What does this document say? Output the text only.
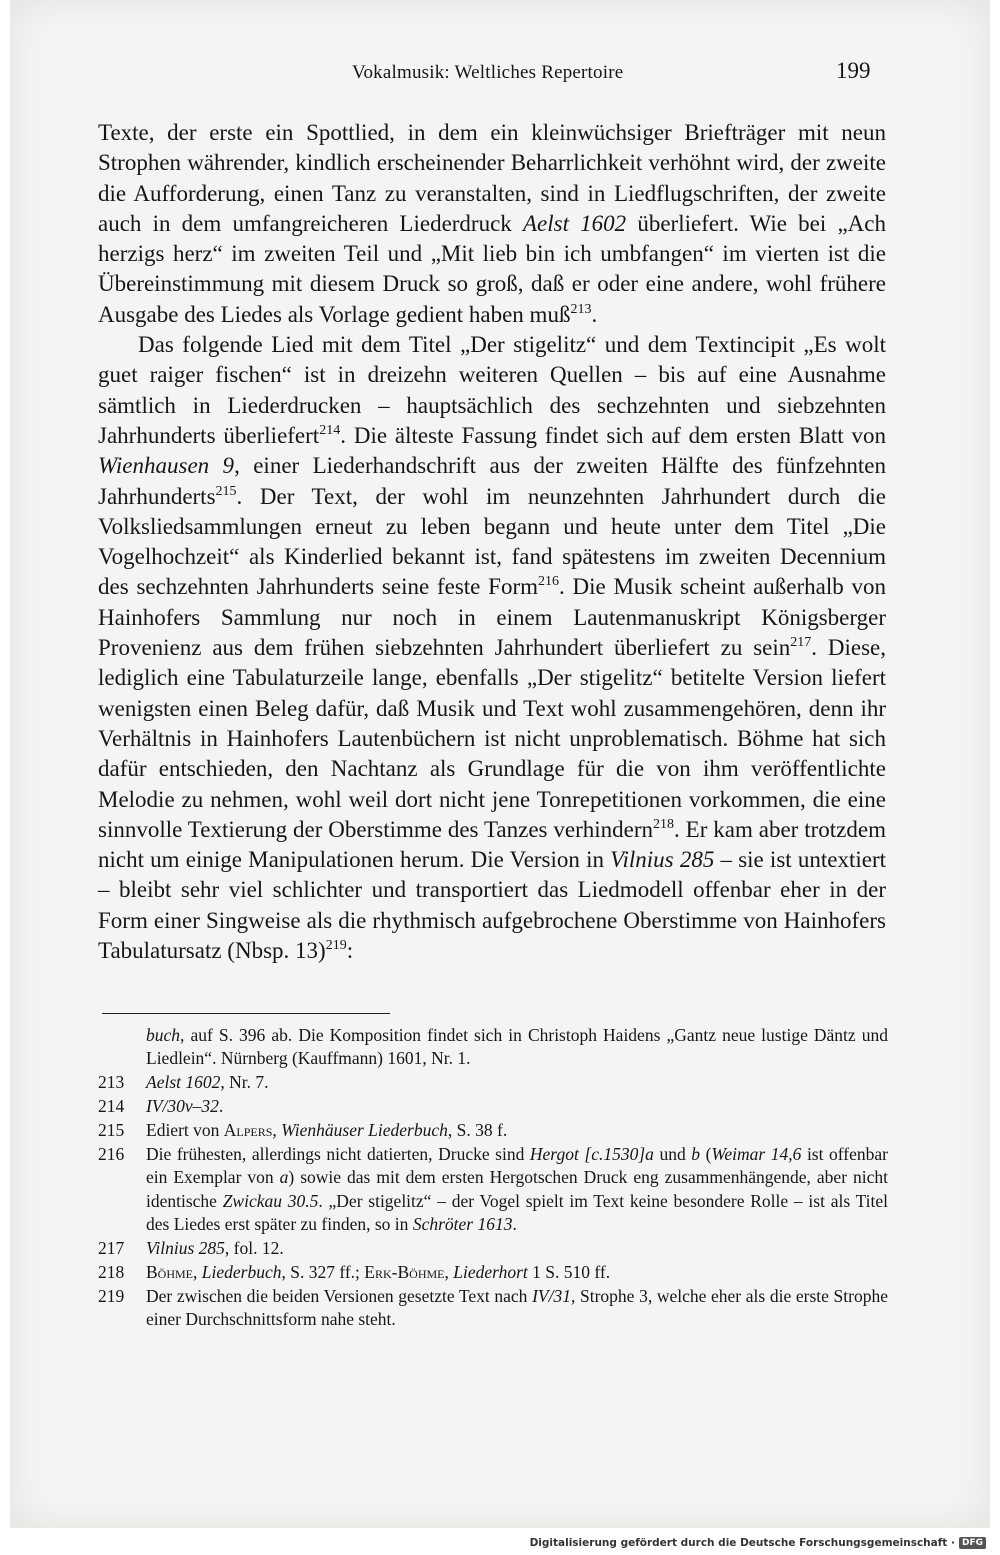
Vokalmusik: Weltliches Repertoire	199

Texte, der erste ein Spottlied, in dem ein kleinwüchsiger Briefträger mit neun Strophen währender, kindlich erscheinender Beharrlichkeit verhöhnt wird, der zweite die Aufforderung, einen Tanz zu veranstalten, sind in Liedflugschriften, der zweite auch in dem umfangreicheren Liederdruck Aelst 1602 überliefert. Wie bei „Ach herzigs herz“ im zweiten Teil und „Mit lieb bin ich umbfangen“ im vierten ist die Übereinstimmung mit diesem Druck so groß, daß er oder eine andere, wohl frühere Ausgabe des Liedes als Vorlage gedient haben muß$^{213}$.

Das folgende Lied mit dem Titel „Der stigelitz“ und dem Textincipit „Es wolt guet raiger fischen“ ist in dreizehn weiteren Quellen – bis auf eine Ausnahme sämtlich in Liederdrucken – hauptsächlich des sechzehnten und siebzehnten Jahrhunderts überliefert$^{214}$. Die älteste Fassung findet sich auf dem ersten Blatt von Wienhausen 9, einer Liederhandschrift aus der zweiten Hälfte des fünfzehnten Jahrhunderts$^{215}$. Der Text, der wohl im neunzehnten Jahrhundert durch die Volksliedsammlungen erneut zu leben begann und heute unter dem Titel „Die Vogelhochzeit“ als Kinderlied bekannt ist, fand spätestens im zweiten Decennium des sechzehnten Jahrhunderts seine feste Form$^{216}$. Die Musik scheint außerhalb von Hainhofers Sammlung nur noch in einem Lautenmanuskript Königsberger Provenienz aus dem frühen siebzehnten Jahrhundert überliefert zu sein$^{217}$. Diese, lediglich eine Tabulaturzeile lange, ebenfalls „Der stigelitz“ betitelte Version liefert wenigsten einen Beleg dafür, daß Musik und Text wohl zusammengehören, denn ihr Verhältnis in Hainhofers Lautenbüchern ist nicht unproblematisch. Böhme hat sich dafür entschieden, den Nachtanz als Grundlage für die von ihm veröffentlichte Melodie zu nehmen, wohl weil dort nicht jene Tonrepetitionen vorkommen, die eine sinnvolle Textierung der Oberstimme des Tanzes verhindern$^{218}$. Er kam aber trotzdem nicht um einige Manipulationen herum. Die Version in Vilnius 285 – sie ist untextiert – bleibt sehr viel schlichter und transportiert das Liedmodell offenbar eher in der Form einer Singweise als die rhythmisch aufgebrochene Oberstimme von Hainhofers Tabulatursatz (Nbsp. 13)$^{219}$:

buch, auf S. 396 ab. Die Komposition findet sich in Christoph Haidens „Gantz neue lustige Däntz und Liedlein“. Nürnberg (Kauffmann) 1601, Nr. 1.
213	Aelst 1602, Nr. 7.
214	IV/30v–32.
215	Ediert von Alpers, Wienhäuser Liederbuch, S. 38 f.
216	Die frühesten, allerdings nicht datierten, Drucke sind Hergot [c.1530]a und b (Weimar 14,6 ist offenbar ein Exemplar von a) sowie das mit dem ersten Hergotschen Druck eng zusammenhängende, aber nicht identische Zwickau 30.5. „Der stigelitz“ – der Vogel spielt im Text keine besondere Rolle – ist als Titel des Liedes erst später zu finden, so in Schröter 1613.
217	Vilnius 285, fol. 12.
218	Böhme, Liederbuch, S. 327 ff.; Erk-Böhme, Liederhort 1 S. 510 ff.
219	Der zwischen die beiden Versionen gesetzte Text nach IV/31, Strophe 3, welche eher als die erste Strophe einer Durchschnittsform nahe steht.
Digitalisierung gefördert durch die Deutsche Forschungsgemeinschaft · DFG
